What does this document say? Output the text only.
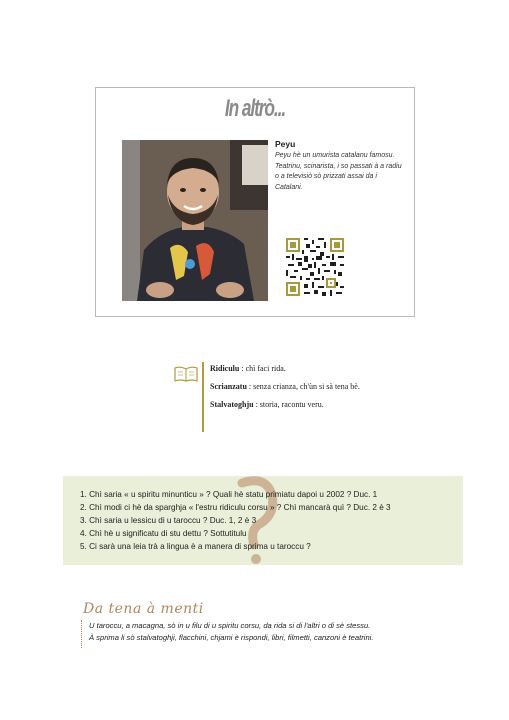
In altrò...
Peyu
Peyu hè un umurista catalanu famosu. Teatrinu, scinarista, i so passati à a radiu o a televisiò sò prizzati assai da i Catalani.
Ridiculu : chì faci rida.
Scrianzatu : senza crianza, ch'ùn si sà tena bè.
Stalvatoghju : storia, racontu veru.
1. Chì saria « u spiritu minunticu » ? Quali hè statu primiatu dapoi u 2002 ? Duc. 1
2. Chì modi ci hè da sparghja « l'estru ridiculu corsu » ? Chì mancarà quì ? Duc. 2 è 3
3. Chì saria u lessicu di u taroccu ? Duc. 1, 2 è 3
4. Chì hè u significatu di stu dettu ? Sottutitulu
5. Ci sarà una leia trà a lingua è a manera di sprima u taroccu ?
Da tena à menti
U taroccu, a macagna, sò in u filu di u spiritu corsu, da rida si di l'altri o di sè stessu.
À sprima li sò stalvatoghji, flacchini, chjami è rispondi, libri, filmetti, canzoni è teatrini.
